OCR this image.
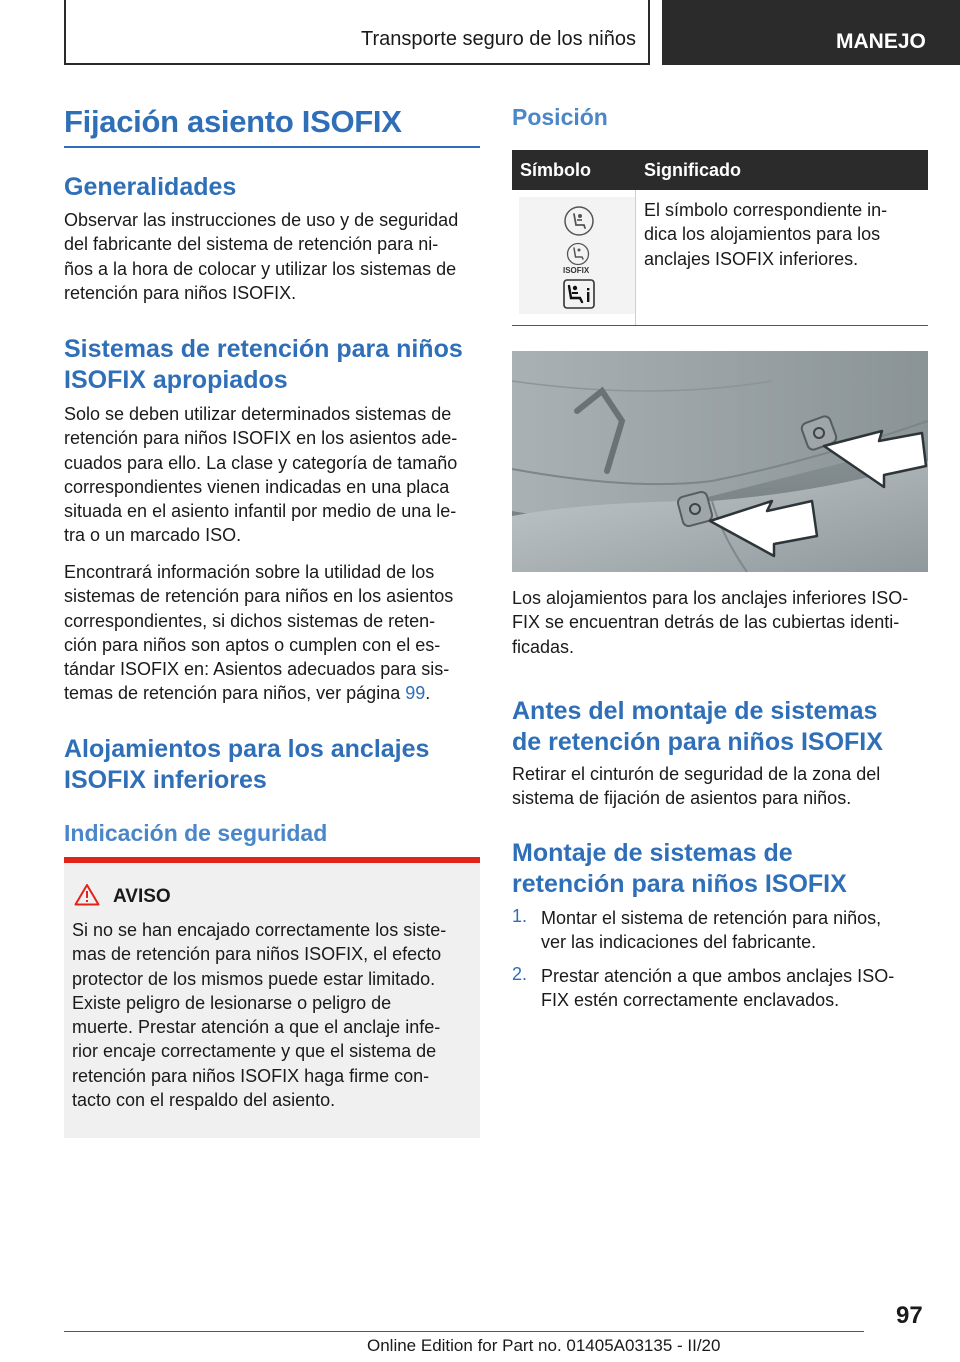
Transporte seguro de los niños	MANEJO
Fijación asiento ISOFIX
Generalidades
Observar las instrucciones de uso y de seguridad
del fabricante del sistema de retención para ni-
ños a la hora de colocar y utilizar los sistemas de
retención para niños ISOFIX.
Sistemas de retención para niños
ISOFIX apropiados
Solo se deben utilizar determinados sistemas de
retención para niños ISOFIX en los asientos ade-
cuados para ello. La clase y categoría de tamaño
correspondientes vienen indicadas en una placa
situada en el asiento infantil por medio de una le-
tra o un marcado ISO.
Encontrará información sobre la utilidad de los
sistemas de retención para niños en los asientos
correspondientes, si dichos sistemas de reten-
ción para niños son aptos o cumplen con el es-
tándar ISOFIX en: Asientos adecuados para sis-
temas de retención para niños, ver página 99.
Alojamientos para los anclajes
ISOFIX inferiores
Indicación de seguridad
AVISO
Si no se han encajado correctamente los siste-
mas de retención para niños ISOFIX, el efecto
protector de los mismos puede estar limitado.
Existe peligro de lesionarse o peligro de
muerte. Prestar atención a que el anclaje infe-
rior encaje correctamente y que el sistema de
retención para niños ISOFIX haga firme con-
tacto con el respaldo del asiento.
Posición
Símbolo	Significado
ISOFIX
El símbolo correspondiente in-
dica los alojamientos para los
anclajes ISOFIX inferiores.
Los alojamientos para los anclajes inferiores ISO-
FIX se encuentran detrás de las cubiertas identi-
ficadas.
Antes del montaje de sistemas
de retención para niños ISOFIX
Retirar el cinturón de seguridad de la zona del
sistema de fijación de asientos para niños.
Montaje de sistemas de
retención para niños ISOFIX
1. Montar el sistema de retención para niños,
ver las indicaciones del fabricante.
2. Prestar atención a que ambos anclajes ISO-
FIX estén correctamente enclavados.
97
Online Edition for Part no. 01405A03135 - II/20
